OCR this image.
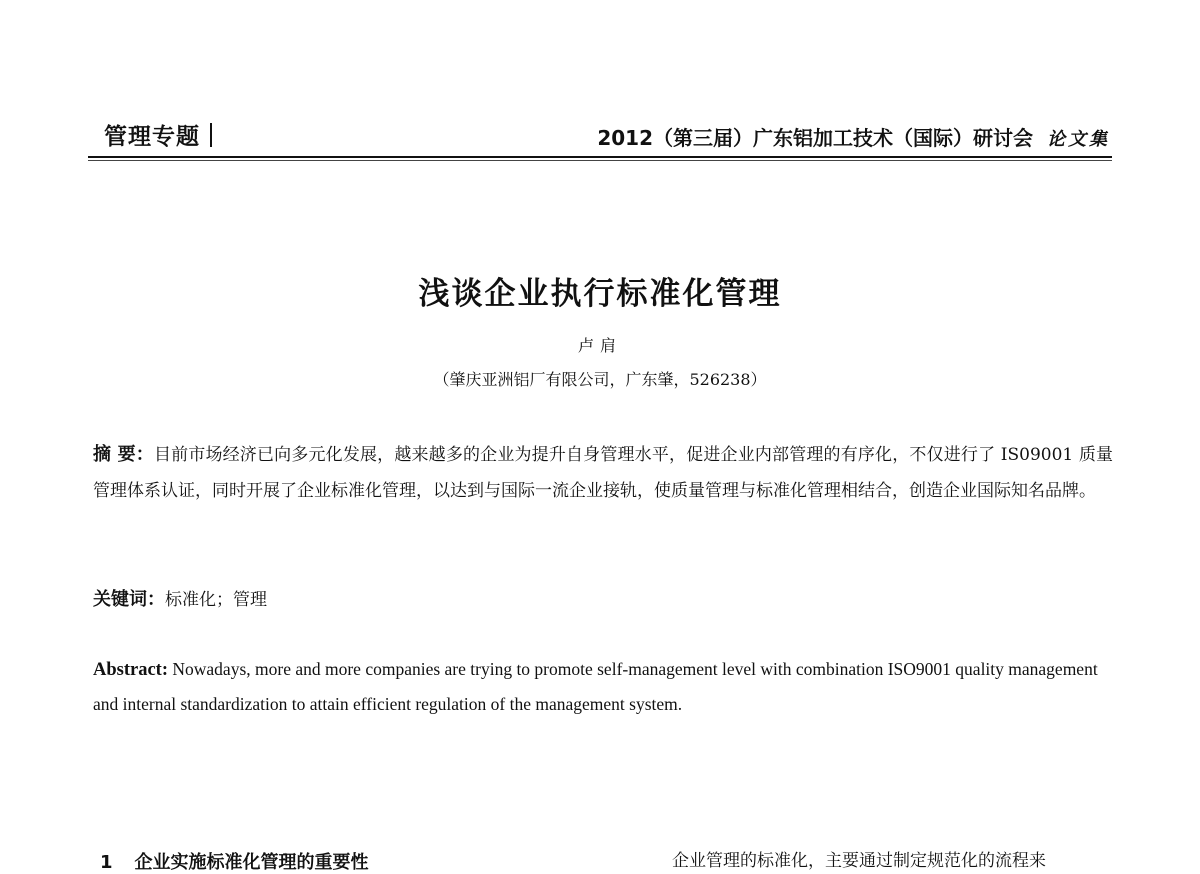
管理专题	2012（第三届）广东铝加工技术（国际）研讨会 论文集
浅谈企业执行标准化管理
卢肩
（肇庆亚洲铝厂有限公司，广东肇，526238）

摘 要：目前市场经济已向多元化发展，越来越多的企业为提升自身管理水平，促进企业内部管理的有序化，不仅进行了 IS09001 质量管理体系认证，同时开展了企业标准化管理，以达到与国际一流企业接轨，使质量管理与标准化管理相结合，创造企业国际知名品牌。

关键词：标准化；管理

Abstract: Nowadays, more and more companies are trying to promote self-management level with combination ISO9001 quality management and internal standardization to attain efficient regulation of the management system.

1 企业实施标准化管理的重要性	企业管理的标准化，主要通过制定规范化的流程来
